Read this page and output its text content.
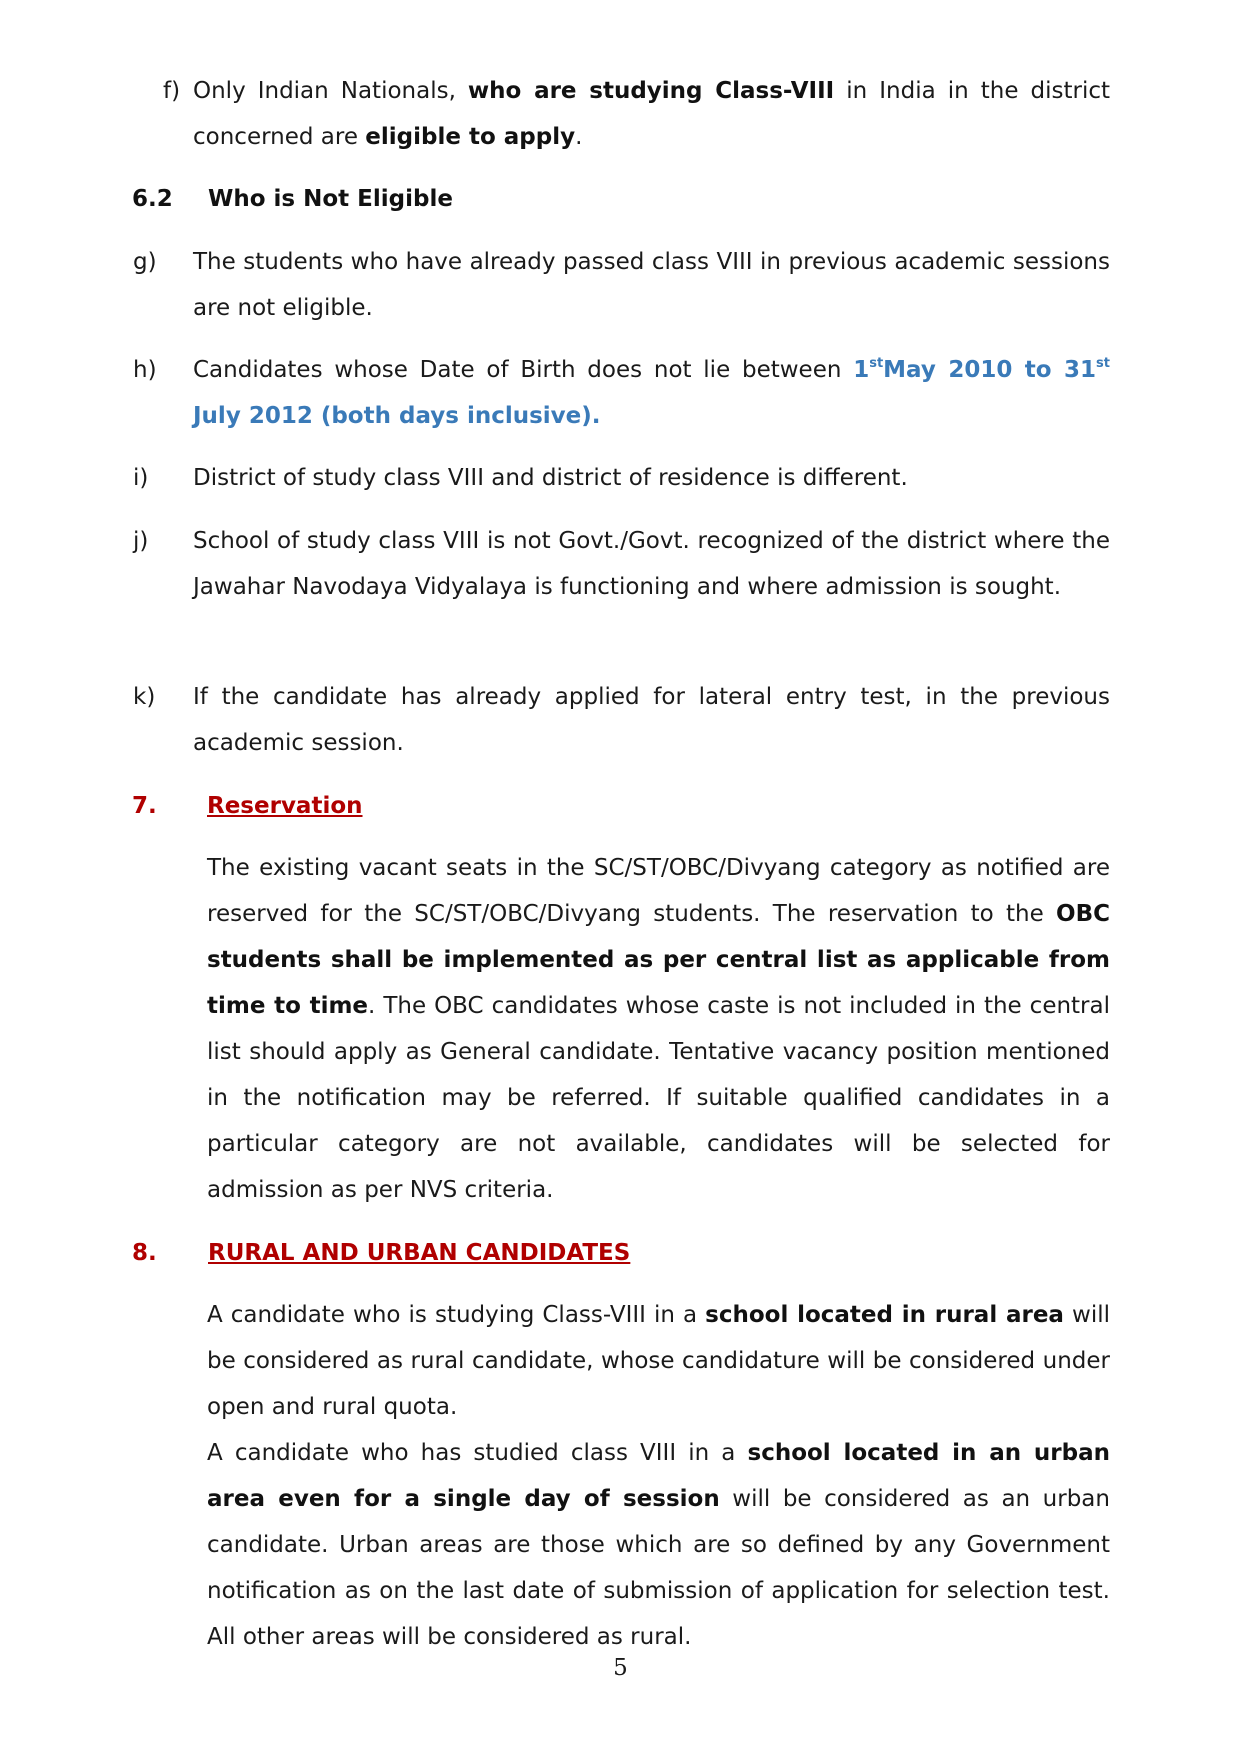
f) Only Indian Nationals, who are studying Class-VIII in India in the district concerned are eligible to apply.

6.2 Who is Not Eligible
g) The students who have already passed class VIII in previous academic sessions are not eligible.

h) Candidates whose Date of Birth does not lie between 1stMay 2010 to 31st July 2012 (both days inclusive).

i) District of study class VIII and district of residence is different.

j) School of study class VIII is not Govt./Govt. recognized of the district where the Jawahar Navodaya Vidyalaya is functioning and where admission is sought.

k) If the candidate has already applied for lateral entry test, in the previous academic session.

7. Reservation

The existing vacant seats in the SC/ST/OBC/Divyang category as notified are reserved for the SC/ST/OBC/Divyang students. The reservation to the OBC students shall be implemented as per central list as applicable from time to time. The OBC candidates whose caste is not included in the central list should apply as General candidate. Tentative vacancy position mentioned in the notification may be referred. If suitable qualified candidates in a particular category are not available, candidates will be selected for admission as per NVS criteria.

8. RURAL AND URBAN CANDIDATES

A candidate who is studying Class-VIII in a school located in rural area will be considered as rural candidate, whose candidature will be considered under open and rural quota.

A candidate who has studied class VIII in a school located in an urban area even for a single day of session will be considered as an urban candidate. Urban areas are those which are so defined by any Government notification as on the last date of submission of application for selection test. All other areas will be considered as rural.

5
